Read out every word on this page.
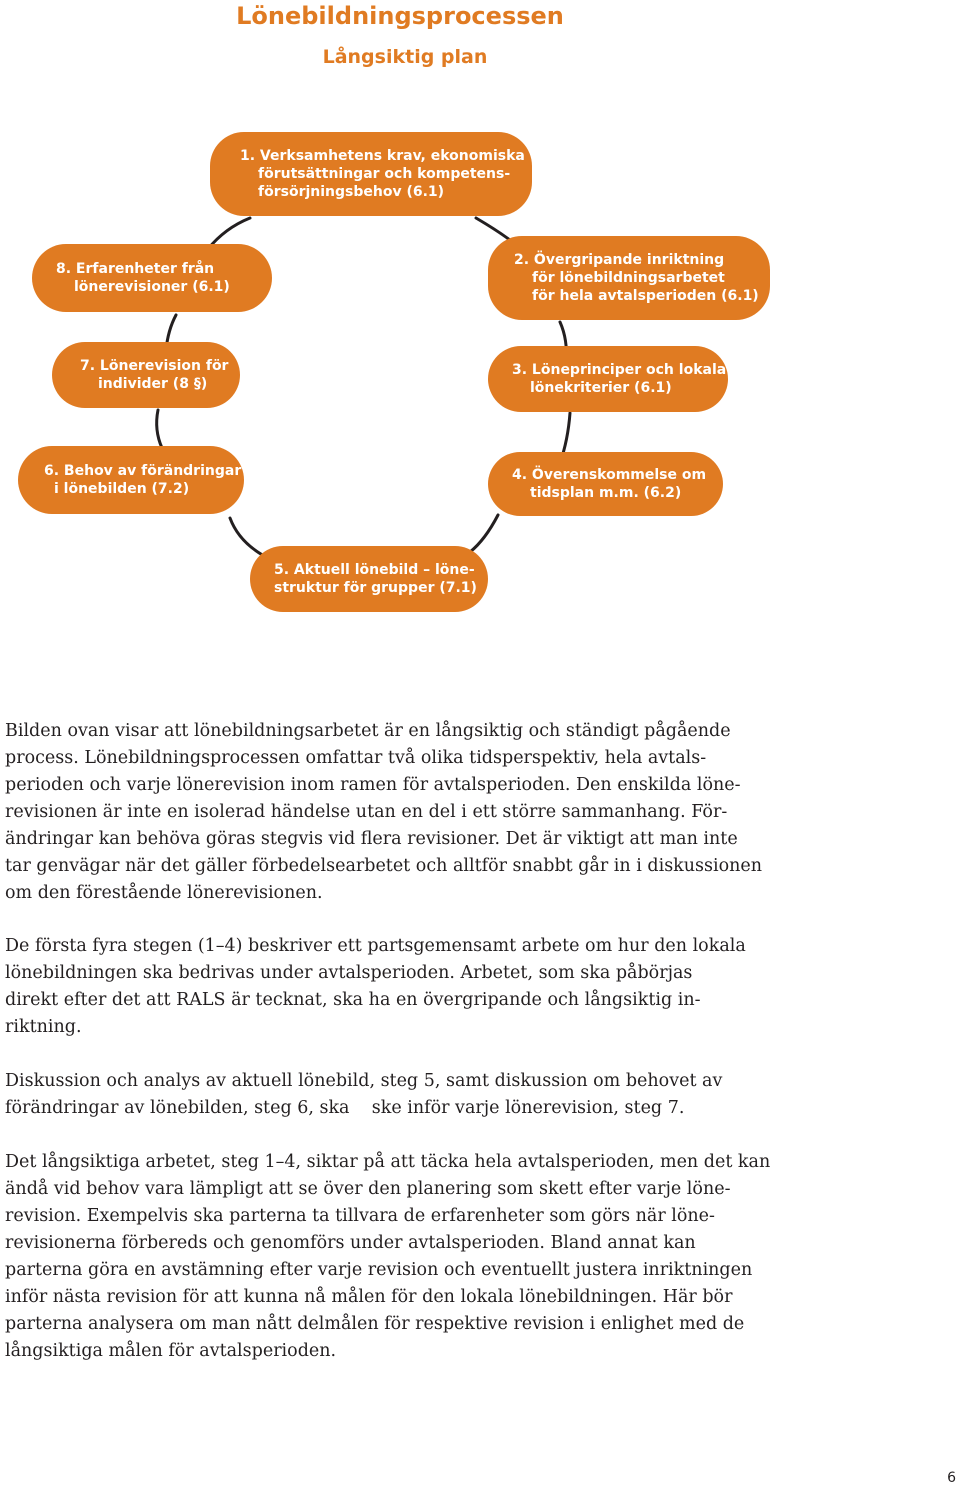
Lönebildningsprocessen
Långsiktig plan
1. Verksamhetens krav, ekonomiska
förutsättningar och kompetens-
försörjningsbehov (6.1)
2. Övergripande inriktning
för lönebildningsarbetet
för hela avtalsperioden (6.1)
3. Löneprinciper och lokala
lönekriterier (6.1)
4. Överenskommelse om
tidsplan m.m. (6.2)
5. Aktuell lönebild – löne-
struktur för grupper (7.1)
6. Behov av förändringar
i lönebilden (7.2)
7. Lönerevision för
individer (8 §)
8. Erfarenheter från
lönerevisioner (6.1)
Bilden ovan visar att lönebildningsarbetet är en långsiktig och ständigt pågående
process. Lönebildningsprocessen omfattar två olika tidsperspektiv, hela avtals-
perioden och varje lönerevision inom ramen för avtalsperioden. Den enskilda löne-
revisionen är inte en isolerad händelse utan en del i ett större sammanhang. För-
ändringar kan behöva göras stegvis vid flera revisioner. Det är viktigt att man inte
tar genvägar när det gäller förbedelsearbetet och alltför snabbt går in i diskussionen
om den förestående lönerevisionen.
De första fyra stegen (1–4) beskriver ett partsgemensamt arbete om hur den lokala
lönebildningen ska bedrivas under avtalsperioden. Arbetet, som ska påbörjas
direkt efter det att RALS är tecknat, ska ha en övergripande och långsiktig in-
riktning.
Diskussion och analys av aktuell lönebild, steg 5, samt diskussion om behovet av
förändringar av lönebilden, steg 6, ska    ske inför varje lönerevision, steg 7.
Det långsiktiga arbetet, steg 1–4, siktar på att täcka hela avtalsperioden, men det kan
ändå vid behov vara lämpligt att se över den planering som skett efter varje löne-
revision. Exempelvis ska parterna ta tillvara de erfarenheter som görs när löne-
revisionerna förbereds och genomförs under avtalsperioden. Bland annat kan
parterna göra en avstämning efter varje revision och eventuellt justera inriktningen
inför nästa revision för att kunna nå målen för den lokala lönebildningen. Här bör
parterna analysera om man nått delmålen för respektive revision i enlighet med de
långsiktiga målen för avtalsperioden.
6
